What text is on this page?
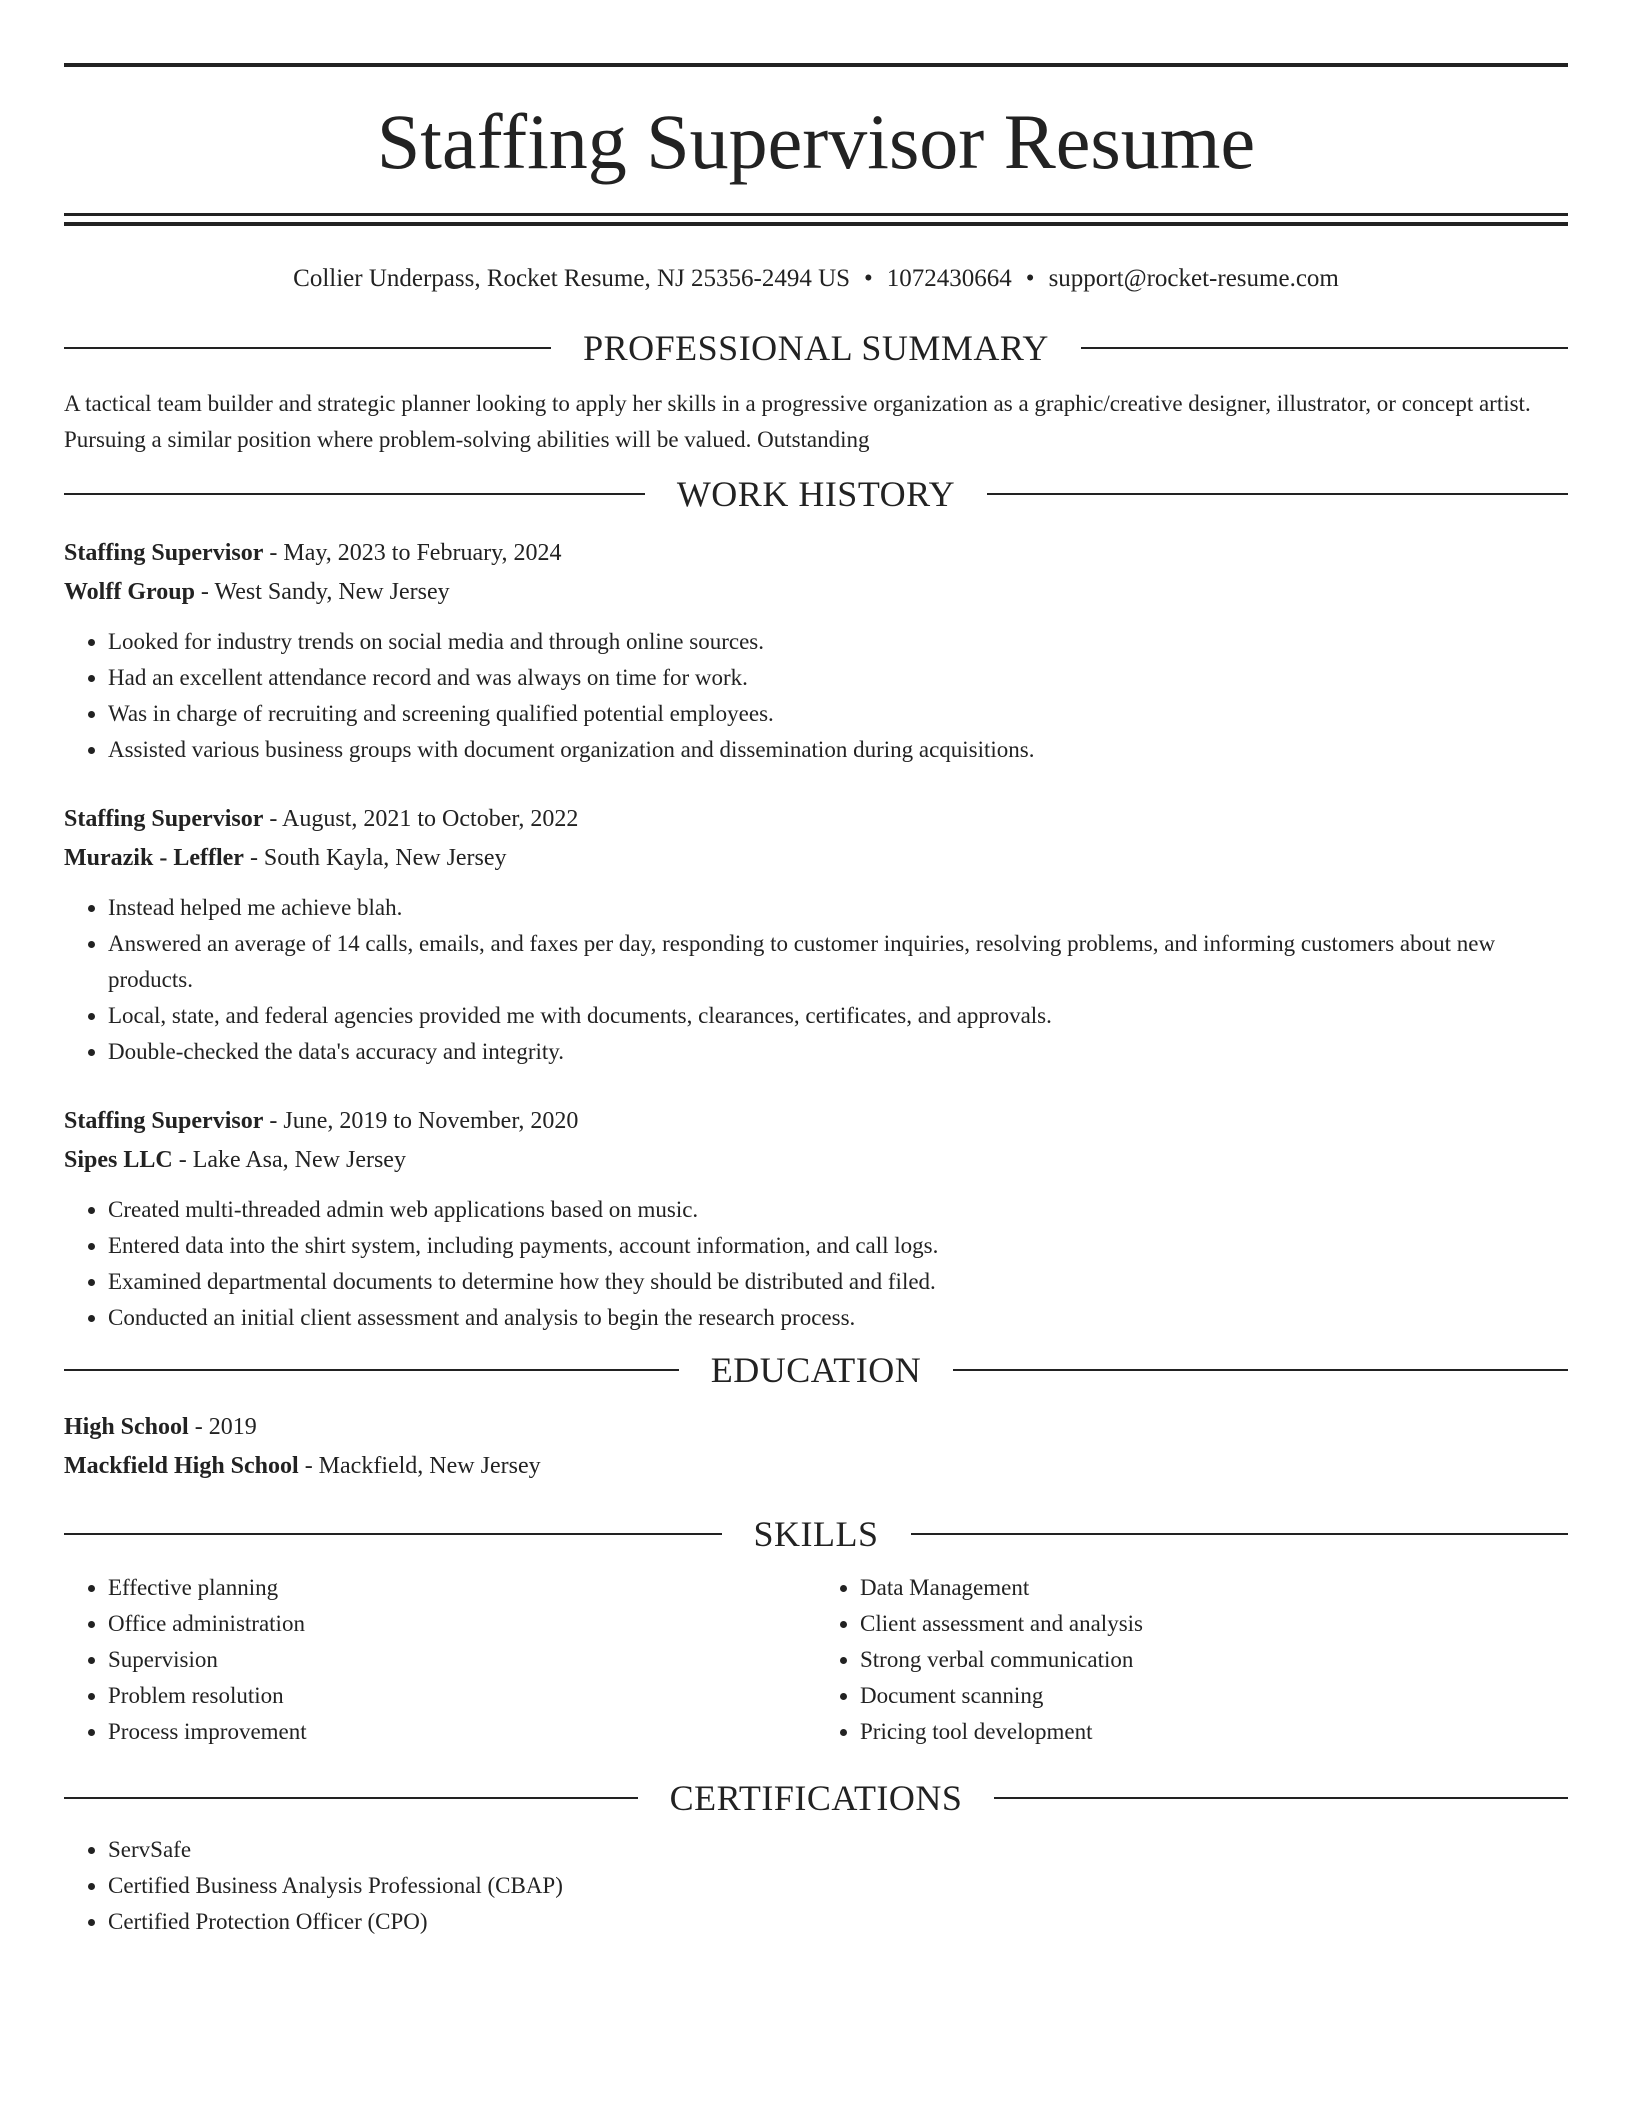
Staffing Supervisor Resume
Collier Underpass, Rocket Resume, NJ 25356-2494 US • 1072430664 • support@rocket-resume.com
PROFESSIONAL SUMMARY

A tactical team builder and strategic planner looking to apply her skills in a progressive organization as a graphic/creative designer, illustrator, or concept artist. Pursuing a similar position where problem-solving abilities will be valued. Outstanding

WORK HISTORY
Staffing Supervisor - May, 2023 to February, 2024
Wolff Group - West Sandy, New Jersey
• Looked for industry trends on social media and through online sources.
• Had an excellent attendance record and was always on time for work.
• Was in charge of recruiting and screening qualified potential employees.
• Assisted various business groups with document organization and dissemination during acquisitions.
Staffing Supervisor - August, 2021 to October, 2022
Murazik - Leffler - South Kayla, New Jersey
• Instead helped me achieve blah.
• Answered an average of 14 calls, emails, and faxes per day, responding to customer inquiries, resolving problems, and informing customers about new products.
• Local, state, and federal agencies provided me with documents, clearances, certificates, and approvals.
• Double-checked the data's accuracy and integrity.
Staffing Supervisor - June, 2019 to November, 2020
Sipes LLC - Lake Asa, New Jersey
• Created multi-threaded admin web applications based on music.
• Entered data into the shirt system, including payments, account information, and call logs.
• Examined departmental documents to determine how they should be distributed and filed.
• Conducted an initial client assessment and analysis to begin the research process.
EDUCATION
High School - 2019
Mackfield High School - Mackfield, New Jersey
SKILLS
• Effective planning
• Office administration
• Supervision
• Problem resolution
• Process improvement
• Data Management
• Client assessment and analysis
• Strong verbal communication
• Document scanning
• Pricing tool development
CERTIFICATIONS
• ServSafe
• Certified Business Analysis Professional (CBAP)
• Certified Protection Officer (CPO)
